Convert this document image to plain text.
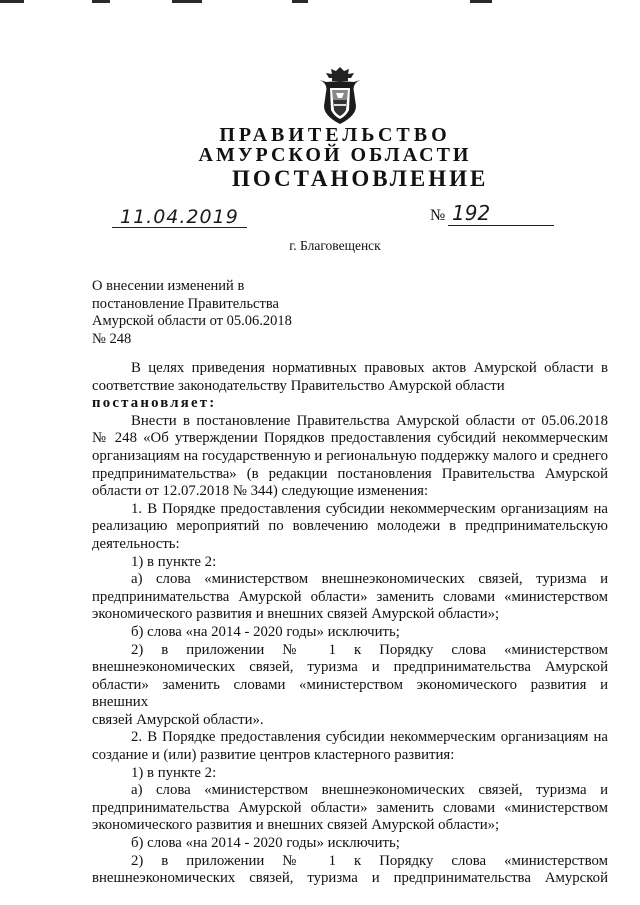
ПРАВИТЕЛЬСТВО
АМУРСКОЙ ОБЛАСТИ
ПОСТАНОВЛЕНИЕ
11.04.2019	№ 192
г. Благовещенск
О внесении изменений в
постановление Правительства
Амурской области от 05.06.2018
№ 248

В целях приведения нормативных правовых актов Амурской области в

соответствие законодательству Правительство Амурской области

постановляет:

Внести в постановление Правительства Амурской области от 05.06.2018

№ 248 «Об утверждении Порядков предоставления субсидий некоммерческим

организациям на государственную и региональную поддержку малого и среднего

предпринимательства» (в редакции постановления Правительства Амурской

области от 12.07.2018 № 344) следующие изменения:

1. В Порядке предоставления субсидии некоммерческим организациям на

реализацию мероприятий по вовлечению молодежи в предпринимательскую

деятельность:

1) в пункте 2:

а) слова «министерством внешнеэкономических связей, туризма и

предпринимательства Амурской области» заменить словами «министерством

экономического развития и внешних связей Амурской области»;

б) слова «на 2014 - 2020 годы» исключить;

2) в приложении № 1 к Порядку слова «министерством

внешнеэкономических связей, туризма и предпринимательства Амурской

области» заменить словами «министерством экономического развития и внешних

связей Амурской области».

2. В Порядке предоставления субсидии некоммерческим организациям на

создание и (или) развитие центров кластерного развития:

1) в пункте 2:

а) слова «министерством внешнеэкономических связей, туризма и

предпринимательства Амурской области» заменить словами «министерством

экономического развития и внешних связей Амурской области»;

б) слова «на 2014 - 2020 годы» исключить;

2) в приложении № 1 к Порядку слова «министерством

внешнеэкономических связей, туризма и предпринимательства Амурской
